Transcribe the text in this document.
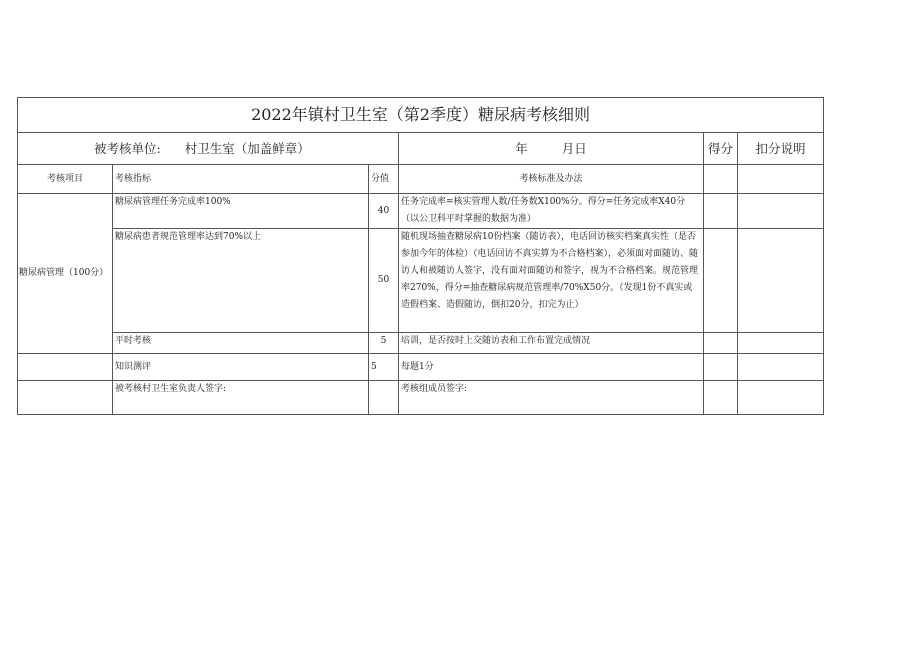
2022年镇村卫生室（第2季度）糖尿病考核细则					
被考核单位: 村卫生室（加盖鲜章）			年 月日	得分	扣分说明
考核项目	考核指标	分值	考核标准及办法		
糖尿病管理（100分）	糖尿病管理任务完成率100%	40	任务完成率=核实管理人数/任务数X100%分。得分=任务完成率X40分（以公卫科平时掌握的数据为准）		
	糖尿病患者规范管理率达到70%以上	50	随机现场抽查糖尿病10份档案（随访表），电话回访核实档案真实性（是否参加今年的体检）（电话回访不真实算为不合格档案），必须面对面随访、随访人和被随访人签字，没有面对面随访和签字，视为不合格档案。规范管理率270%，得分=抽查糖尿病规范管理率/70%X50分。（发现1份不真实或造假档案、造假随访，倒扣20分，扣完为止）		
	平时考核	5	培训，是否按时上交随访表和工作布置完成情况		
	知识测评	5	每题1分		
	被考核村卫生室负责人签字:		考核组成员签字:		
